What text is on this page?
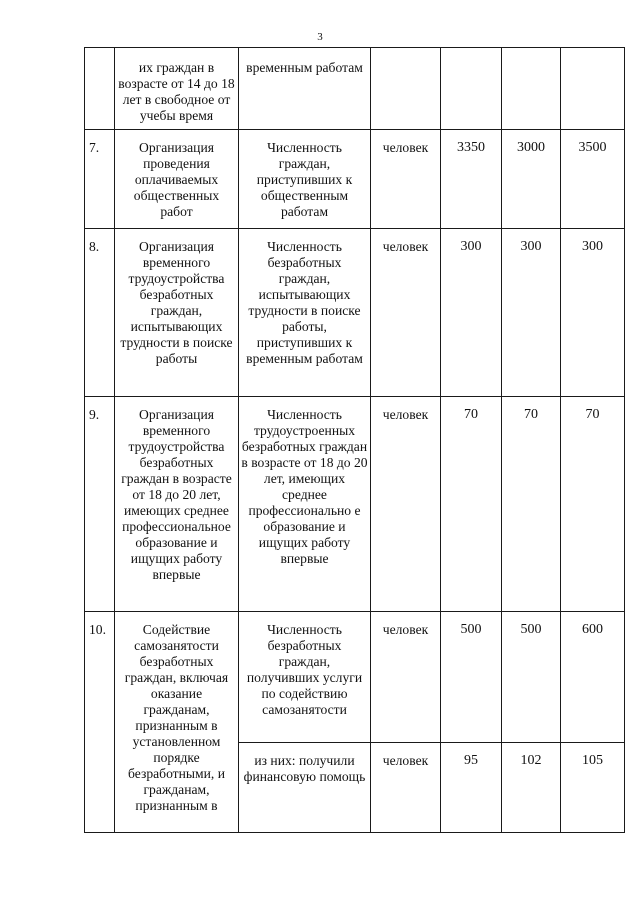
3
	их граждан в возрасте от 14 до 18 лет в свободное от учебы время	временным работам				
7.	Организация проведения оплачиваемых общественных работ	Численность граждан, приступивших к общественным работам	человек	3350	3000	3500
8.	Организация временного трудоустройства безработных граждан, испытывающих трудности в поиске работы	Численность безработных граждан, испытывающих трудности в поиске работы, приступивших к временным работам	человек	300	300	300
9.	Организация временного трудоустройства безработных граждан в возрасте от 18 до 20 лет, имеющих среднее профессиональное образование и ищущих работу впервые	Численность трудоустроенных безработных граждан в возрасте от 18 до 20 лет, имеющих среднее профессионально е образование и ищущих работу впервые	человек	70	70	70
10.	Содействие самозанятости безработных граждан, включая оказание гражданам, признанным в установленном порядке безработными, и гражданам, признанным в	Численность безработных граждан, получивших услуги по содействию самозанятости	человек	500	500	600
		из них: получили финансовую помощь	человек	95	102	105
